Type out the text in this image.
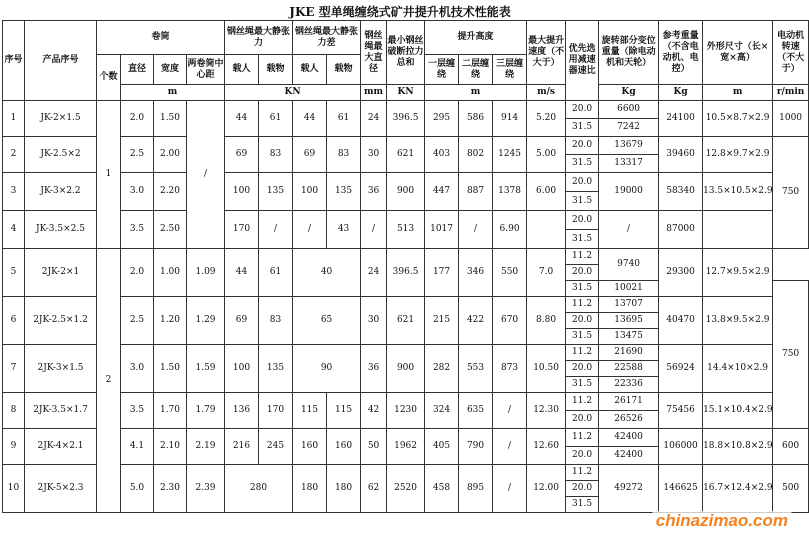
JKE 型单绳缠绕式矿井提升机技术性能表
序号	产品序号	卷筒				钢丝绳最大静张力		钢丝绳最大静张力差		钢丝绳最大直径	最小钢丝破断拉力总和	提升高度			最大提升速度（不大于）	优先选用减速器速比	旋转部分变位重量（除电动机和天轮）	参考重量（不含电动机、电控）	外形尺寸（长×宽×高）	电动机转速（不大于）
		个数	直径	宽度	两卷筒中心距	载人	载物	载人	载物			一层缠绕	二层缠绕	三层缠绕						
			m			KN				mm	KN	m			m/s		Kg	Kg	m	r/min
1	JK-2×1.5	1	2.0	1.50	/	44	61	44	61	24	396.5	295	586	914	5.20	20.0	6600	24100	10.5×8.7×2.9	1000
																31.5	7242			
2	JK-2.5×2		2.5	2.00		69	83	69	83	30	621	403	802	1245	5.00	20.0	13679	39460	12.8×9.7×2.9	750
																31.5	13317			
3	JK-3×2.2		3.0	2.20		100	135	100	135	36	900	447	887	1378	6.00	20.0	19000	58340	13.5×10.5×2.9	
																31.5				
4	JK-3.5×2.5		3.5	2.50		170	/	/	43	/	513	1017	/	6.90		20.0	/	87000		
																31.5				
5	2JK-2×1	2	2.0	1.00	1.09	44	61	40		24	396.5	177	346	550	7.0	11.2	9740	29300	12.7×9.5×2.9	
																20.0				
																31.5	10021			750
6	2JK-2.5×1.2		2.5	1.20	1.29	69	83	65		30	621	215	422	670	8.80	11.2	13707	40470	13.8×9.5×2.9	
																20.0	13695			
																31.5	13475			
7	2JK-3×1.5		3.0	1.50	1.59	100	135	90		36	900	282	553	873	10.50	11.2	21690	56924	14.4×10×2.9	
																20.0	22588			
																31.5	22336			
8	2JK-3.5×1.7		3.5	1.70	1.79	136	170	115	115	42	1230	324	635	/	12.30	11.2	26171	75456	15.1×10.4×2.9	
																20.0	26526			
9	2JK-4×2.1		4.1	2.10	2.19	216	245	160	160	50	1962	405	790	/	12.60	11.2	42400	106000	18.8×10.8×2.9	600
																20.0	42400			
10	2JK-5×2.3		5.0	2.30	2.39	280		180	180	62	2520	458	895	/	12.00	11.2	49272	146625	16.7×12.4×2.9	500
																20.0				
																31.5				
chinazimao.com
